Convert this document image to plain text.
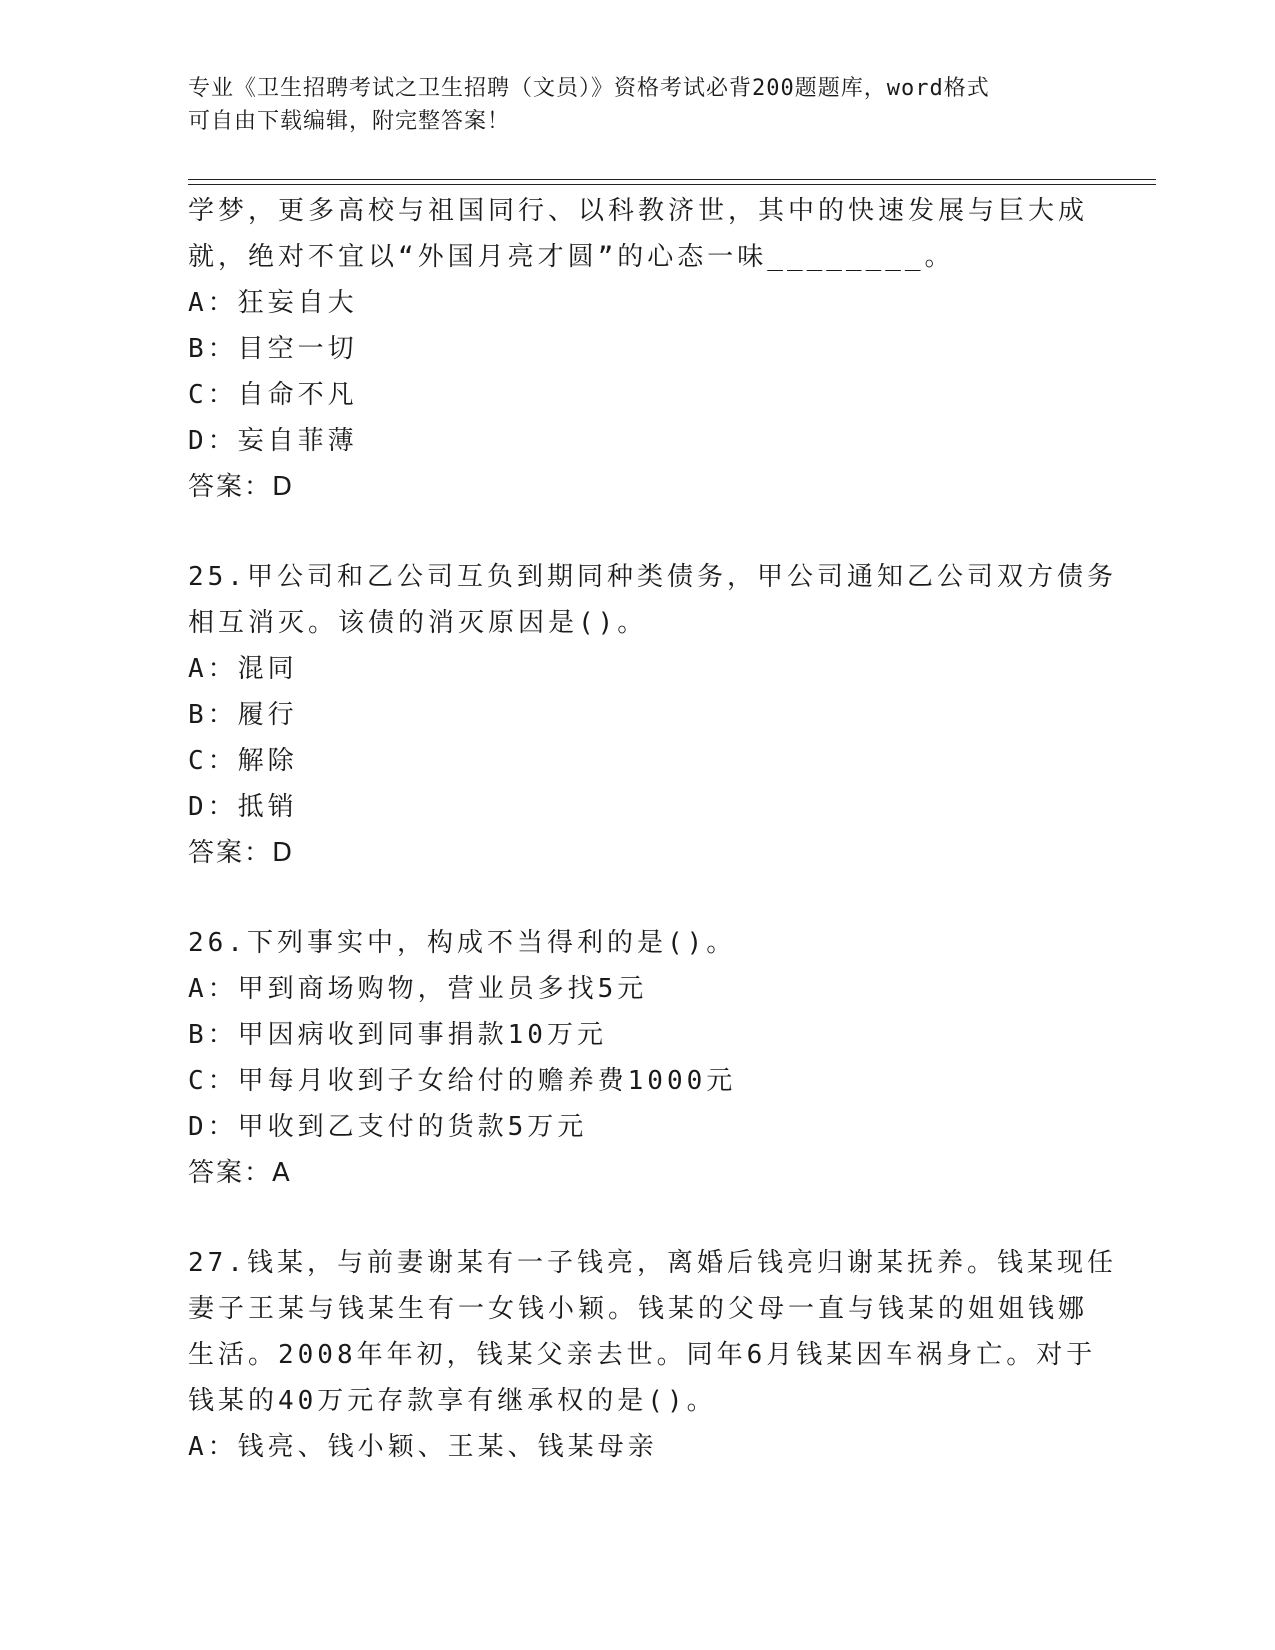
专业《卫生招聘考试之卫生招聘（文员）》资格考试必背200题题库，word格式

可自由下载编辑，附完整答案！

学梦，更多高校与祖国同行、以科教济世，其中的快速发展与巨大成
就，绝对不宜以“外国月亮才圆”的心态一味________。
A：狂妄自大
B：目空一切
C：自命不凡
D：妄自菲薄
答案：D
25.甲公司和乙公司互负到期同种类债务，甲公司通知乙公司双方债务
相互消灭。该债的消灭原因是()。
A：混同
B：履行
C：解除
D：抵销
答案：D
26.下列事实中，构成不当得利的是()。
A：甲到商场购物，营业员多找5元
B：甲因病收到同事捐款10万元
C：甲每月收到子女给付的赡养费1000元
D：甲收到乙支付的货款5万元
答案：A
27.钱某，与前妻谢某有一子钱亮，离婚后钱亮归谢某抚养。钱某现任
妻子王某与钱某生有一女钱小颖。钱某的父母一直与钱某的姐姐钱娜
生活。2008年年初，钱某父亲去世。同年6月钱某因车祸身亡。对于
钱某的40万元存款享有继承权的是()。
A：钱亮、钱小颖、王某、钱某母亲
